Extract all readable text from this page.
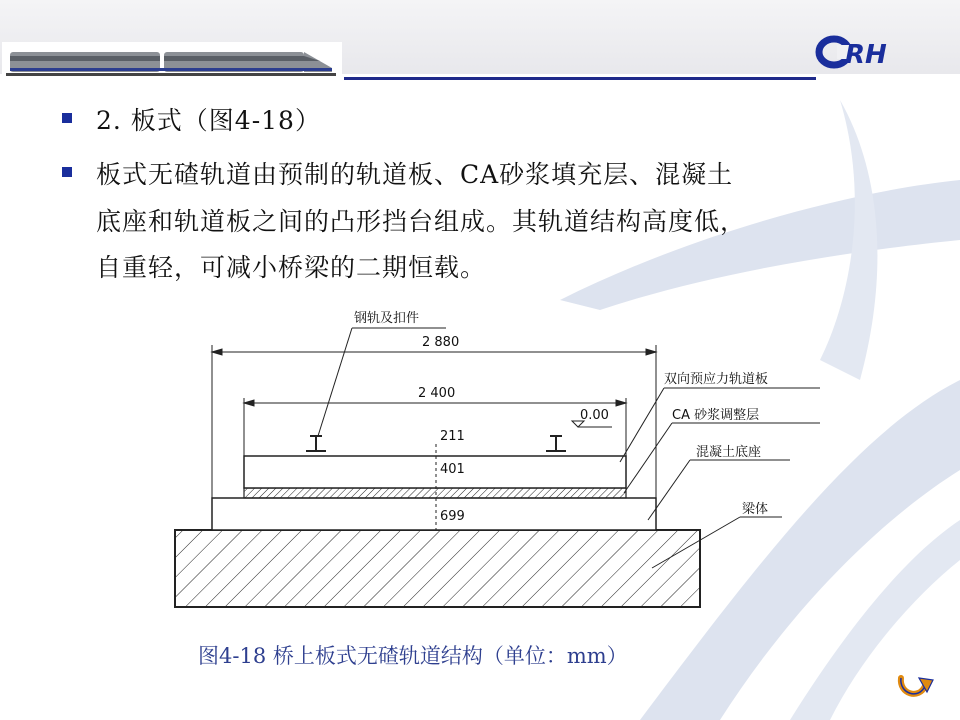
RH
2. 板式（图4-18）
板式无碴轨道由预制的轨道板、CA砂浆填充层、混凝土
底座和轨道板之间的凸形挡台组成。其轨道结构高度低，
自重轻，可减小桥梁的二期恒载。
钢轨及扣件
2 880
2 400
0.00
211
401
699
双向预应力轨道板
CA 砂浆调整层
混凝土底座
梁体
图4-18 桥上板式无碴轨道结构（单位：mm）
